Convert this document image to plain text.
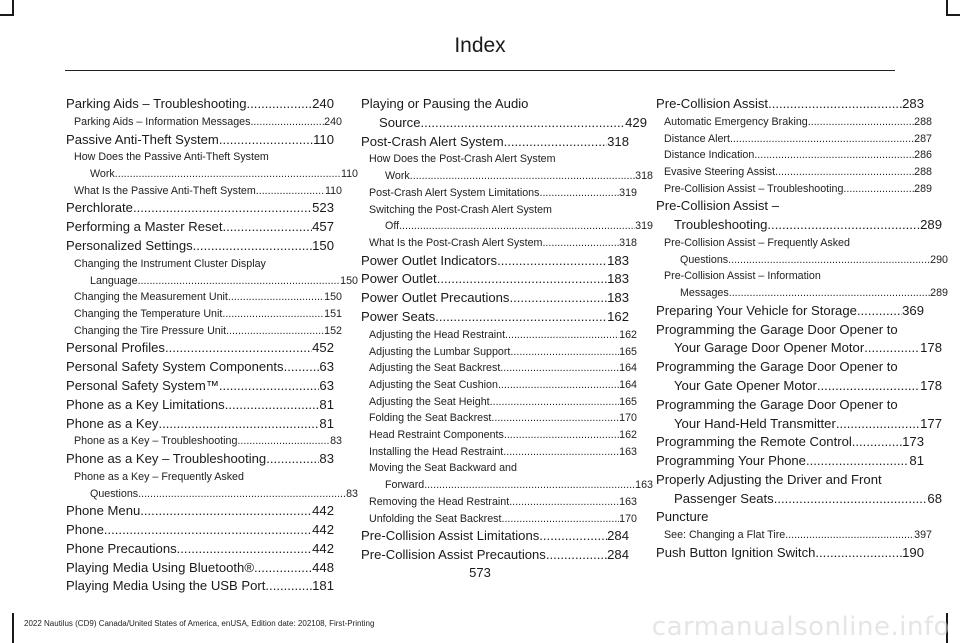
Index
Parking Aids – Troubleshooting .....	240
Parking Aids – Information Messages .....	240
Passive Anti-Theft System .....	110
How Does the Passive Anti-Theft System
Work .....	110
What Is the Passive Anti-Theft System .....	110
Perchlorate .....	523
Performing a Master Reset .....	457
Personalized Settings .....	150
Changing the Instrument Cluster Display
Language .....	150
Changing the Measurement Unit .....	150
Changing the Temperature Unit .....	151
Changing the Tire Pressure Unit .....	152
Personal Profiles .....	452
Personal Safety System Components .....	63
Personal Safety System™ .....	63
Phone as a Key Limitations .....	81
Phone as a Key .....	81
Phone as a Key – Troubleshooting .....	83
Phone as a Key – Troubleshooting .....	83
Phone as a Key – Frequently Asked
Questions .....	83
Phone Menu .....	442
Phone .....	442
Phone Precautions .....	442
Playing Media Using Bluetooth® .....	448
Playing Media Using the USB Port .....	181
Playing or Pausing the Audio
Source .....	429
Post-Crash Alert System .....	318
How Does the Post-Crash Alert System
Work .....	318
Post-Crash Alert System Limitations .....	319
Switching the Post-Crash Alert System
Off .....	319
What Is the Post-Crash Alert System .....	318
Power Outlet Indicators .....	183
Power Outlet .....	183
Power Outlet Precautions .....	183
Power Seats .....	162
Adjusting the Head Restraint .....	162
Adjusting the Lumbar Support .....	165
Adjusting the Seat Backrest .....	164
Adjusting the Seat Cushion .....	164
Adjusting the Seat Height .....	165
Folding the Seat Backrest .....	170
Head Restraint Components .....	162
Installing the Head Restraint .....	163
Moving the Seat Backward and
Forward .....	163
Removing the Head Restraint .....	163
Unfolding the Seat Backrest .....	170
Pre-Collision Assist Limitations .....	284
Pre-Collision Assist Precautions .....	284
Pre-Collision Assist .....	283
Automatic Emergency Braking .....	288
Distance Alert .....	287
Distance Indication .....	286
Evasive Steering Assist .....	288
Pre-Collision Assist – Troubleshooting .....	289
Pre-Collision Assist –
Troubleshooting .....	289
Pre-Collision Assist – Frequently Asked
Questions .....	290
Pre-Collision Assist – Information
Messages .....	289
Preparing Your Vehicle for Storage .....	369
Programming the Garage Door Opener to
Your Garage Door Opener Motor .....	178
Programming the Garage Door Opener to
Your Gate Opener Motor .....	178
Programming the Garage Door Opener to
Your Hand-Held Transmitter .....	177
Programming the Remote Control .....	173
Programming Your Phone .....	81
Properly Adjusting the Driver and Front
Passenger Seats .....	68
Puncture
See: Changing a Flat Tire .....	397
Push Button Ignition Switch .....	190
573
2022 Nautilus (CD9) Canada/United States of America, enUSA, Edition date: 202108, First-Printing	carmanualsonline.info
